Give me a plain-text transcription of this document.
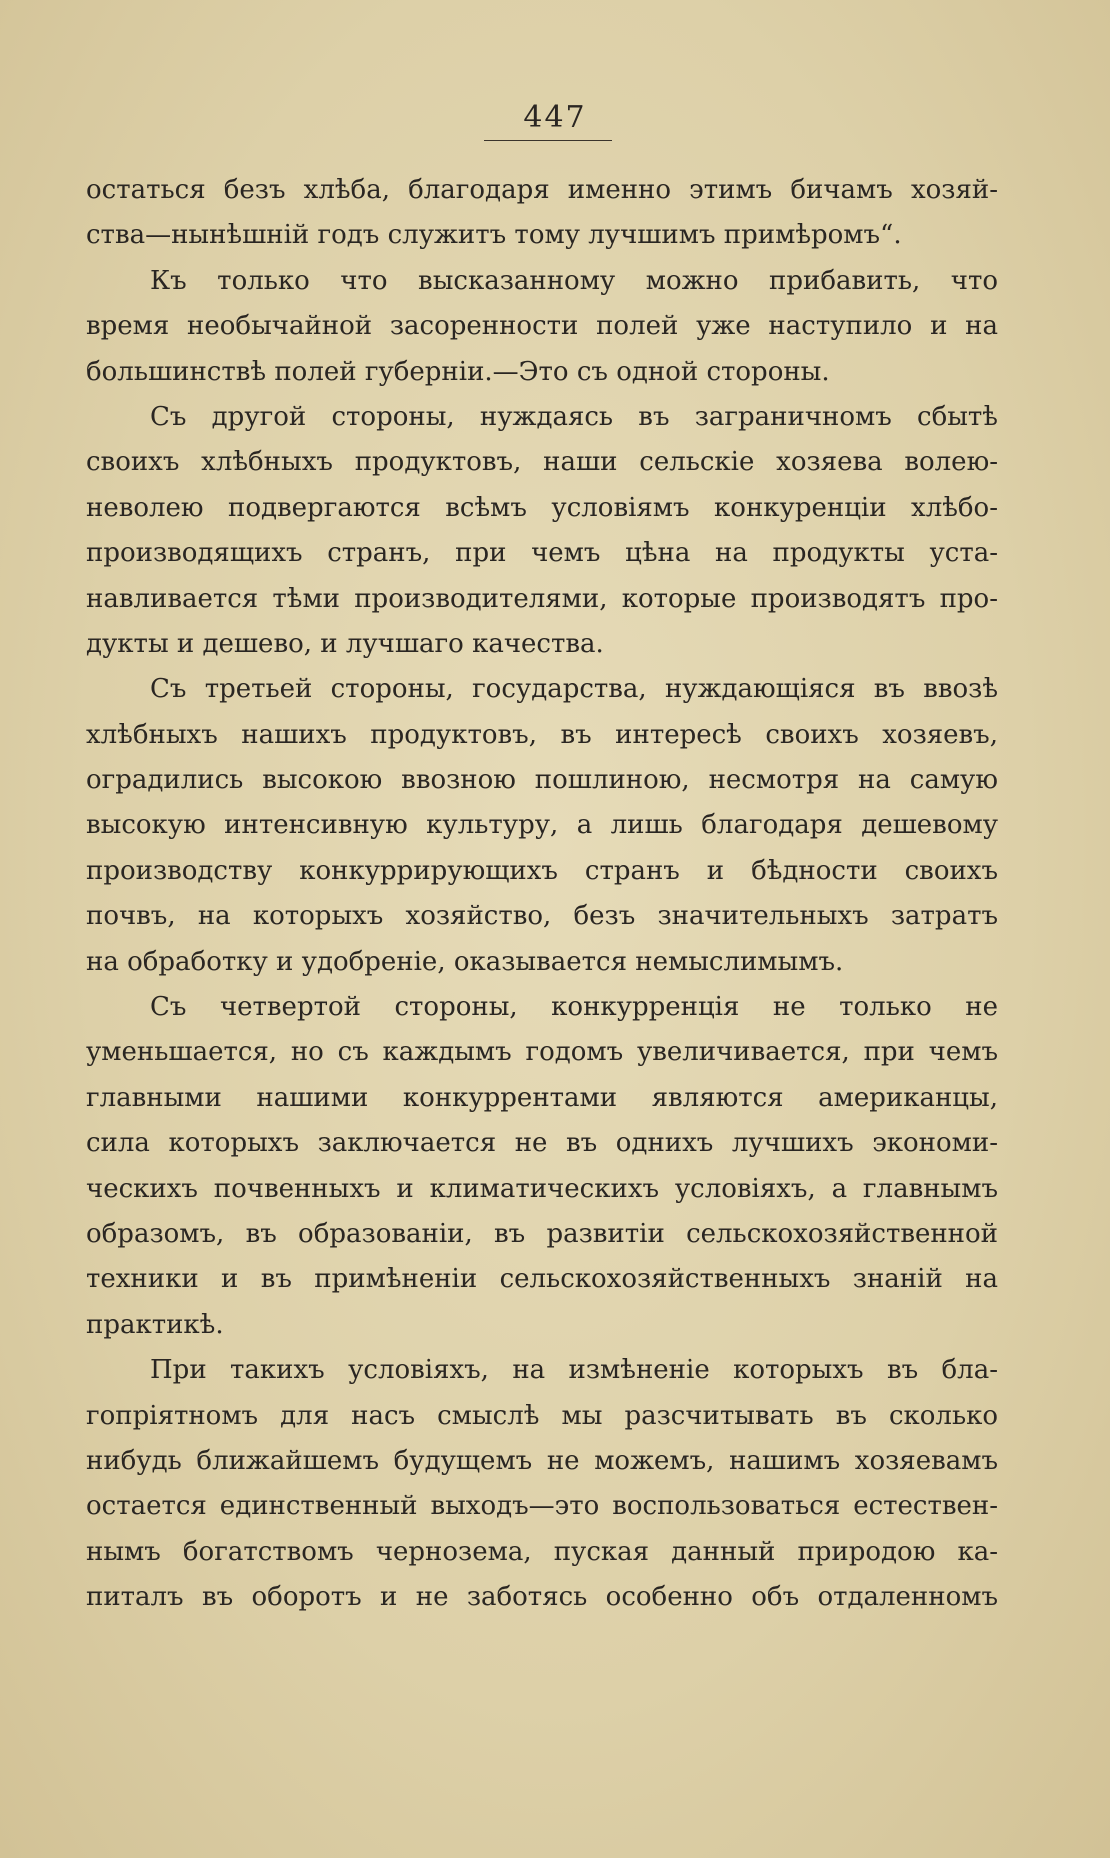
447
остаться безъ хлѣба, благодаря именно этимъ бичамъ хозяй-
ства—нынѣшній годъ служитъ тому лучшимъ примѣромъ“.
Къ только что высказанному можно прибавить, что
время необычайной засоренности полей уже наступило и на
большинствѣ полей губерніи.—Это съ одной стороны.
Съ другой стороны, нуждаясь въ заграничномъ сбытѣ
своихъ хлѣбныхъ продуктовъ, наши сельскіе хозяева волею-
неволею подвергаются всѣмъ условіямъ конкуренціи хлѣбо-
производящихъ странъ, при чемъ цѣна на продукты уста-
навливается тѣми производителями, которые производятъ про-
дукты и дешево, и лучшаго качества.
Съ третьей стороны, государства, нуждающіяся въ ввозѣ
хлѣбныхъ нашихъ продуктовъ, въ интересѣ своихъ хозяевъ,
оградились высокою ввозною пошлиною, несмотря на самую
высокую интенсивную культуру, а лишь благодаря дешевому
производству конкуррирующихъ странъ и бѣдности своихъ
почвъ, на которыхъ хозяйство, безъ значительныхъ затратъ
на обработку и удобреніе, оказывается немыслимымъ.
Съ четвертой стороны, конкурренція не только не
уменьшается, но съ каждымъ годомъ увеличивается, при чемъ
главными нашими конкуррентами являются американцы,
сила которыхъ заключается не въ однихъ лучшихъ экономи-
ческихъ почвенныхъ и климатическихъ условіяхъ, а главнымъ
образомъ, въ образованіи, въ развитіи сельскохозяйственной
техники и въ примѣненіи сельскохозяйственныхъ знаній на
практикѣ.
При такихъ условіяхъ, на измѣненіе которыхъ въ бла-
гопріятномъ для насъ смыслѣ мы разсчитывать въ сколько
нибудь ближайшемъ будущемъ не можемъ, нашимъ хозяевамъ
остается единственный выходъ—это воспользоваться естествен-
нымъ богатствомъ чернозема, пуская данный природою ка-
питалъ въ оборотъ и не заботясь особенно объ отдаленномъ
